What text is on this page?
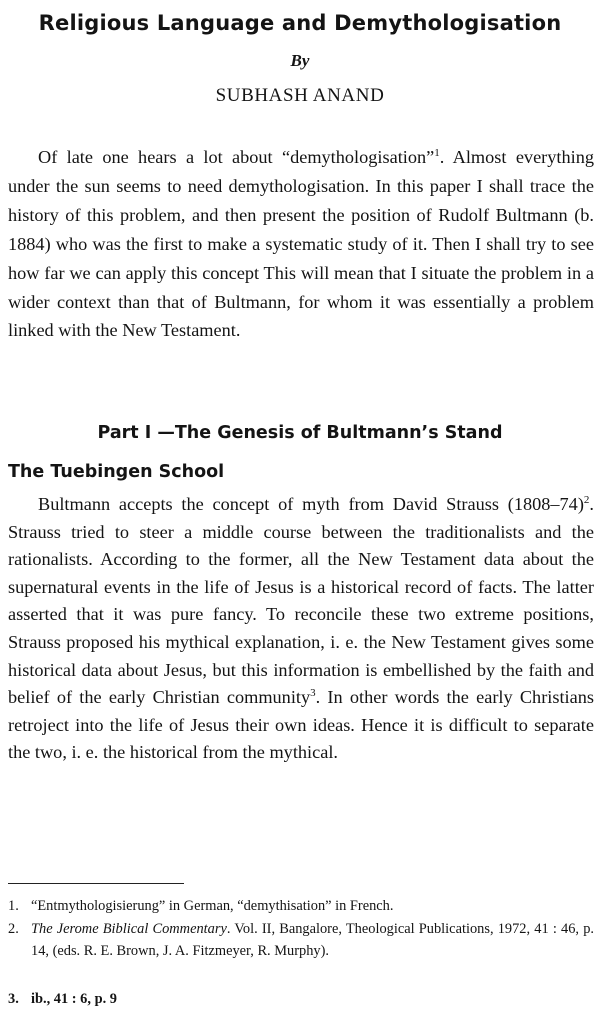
Religious Language and Demythologisation
By
SUBHASH ANAND

Of late one hears a lot about “demythologisation”$^1$. Almost everything under the sun seems to need demythologisation. In this paper I shall trace the history of this problem, and then present the position of Rudolf Bultmann (b. 1884) who was the first to make a systematic study of it. Then I shall try to see how far we can apply this concept This will mean that I situate the problem in a wider context than that of Bultmann, for whom it was essentially a problem linked with the New Testament.

Part I —The Genesis of Bultmann’s Stand
The Tuebingen School

Bultmann accepts the concept of myth from David Strauss (1808–74)$^2$. Strauss tried to steer a middle course between the traditionalists and the rationalists. According to the former, all the New Testament data about the supernatural events in the life of Jesus is a historical record of facts. The latter asserted that it was pure fancy. To reconcile these two extreme positions, Strauss proposed his mythical explanation, i. e. the New Testament gives some historical data about Jesus, but this information is embellished by the faith and belief of the early Christian community$^3$. In other words the early Christians retroject into the life of Jesus their own ideas. Hence it is difficult to separate the two, i. e. the historical from the mythical.

1. “Entmythologisierung” in German, “demythisation” in French.
2. The Jerome Biblical Commentary. Vol. II, Bangalore, Theological Publications, 1972, 41 : 46, p. 14, (eds. R. E. Brown, J. A. Fitzmeyer, R. Murphy).
3. ib., 41 : 6, p. 9
